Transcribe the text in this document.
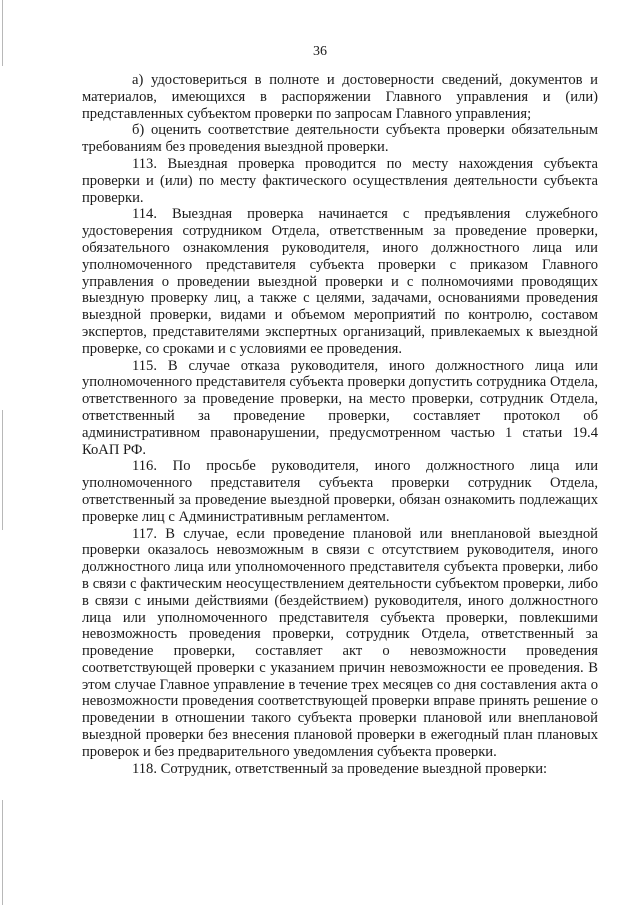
36

а) удостовериться в полноте и достоверности сведений, документов и материалов, имеющихся в распоряжении Главного управления и (или) представленных субъектом проверки по запросам Главного управления;

б) оценить соответствие деятельности субъекта проверки обязательным требованиям без проведения выездной проверки.

113. Выездная проверка проводится по месту нахождения субъекта проверки и (или) по месту фактического осуществления деятельности субъекта проверки.

114. Выездная проверка начинается с предъявления служебного удостоверения сотрудником Отдела, ответственным за проведение проверки, обязательного ознакомления руководителя, иного должностного лица или уполномоченного представителя субъекта проверки с приказом Главного управления о проведении выездной проверки и с полномочиями проводящих выездную проверку лиц, а также с целями, задачами, основаниями проведения выездной проверки, видами и объемом мероприятий по контролю, составом экспертов, представителями экспертных организаций, привлекаемых к выездной проверке, со сроками и с условиями ее проведения.

115. В случае отказа руководителя, иного должностного лица или уполномоченного представителя субъекта проверки допустить сотрудника Отдела, ответственного за проведение проверки, на место проверки, сотрудник Отдела, ответственный за проведение проверки, составляет протокол об административном правонарушении, предусмотренном частью 1 статьи 19.4 КоАП РФ.

116. По просьбе руководителя, иного должностного лица или уполномоченного представителя субъекта проверки сотрудник Отдела, ответственный за проведение выездной проверки, обязан ознакомить подлежащих проверке лиц с Административным регламентом.

117. В случае, если проведение плановой или внеплановой выездной проверки оказалось невозможным в связи с отсутствием руководителя, иного должностного лица или уполномоченного представителя субъекта проверки, либо в связи с фактическим неосуществлением деятельности субъектом проверки, либо в связи с иными действиями (бездействием) руководителя, иного должностного лица или уполномоченного представителя субъекта проверки, повлекшими невозможность проведения проверки, сотрудник Отдела, ответственный за проведение проверки, составляет акт о невозможности проведения соответствующей проверки с указанием причин невозможности ее проведения. В этом случае Главное управление в течение трех месяцев со дня составления акта о невозможности проведения соответствующей проверки вправе принять решение о проведении в отношении такого субъекта проверки плановой или внеплановой выездной проверки без внесения плановой проверки в ежегодный план плановых проверок и без предварительного уведомления субъекта проверки.

118. Сотрудник, ответственный за проведение выездной проверки:
